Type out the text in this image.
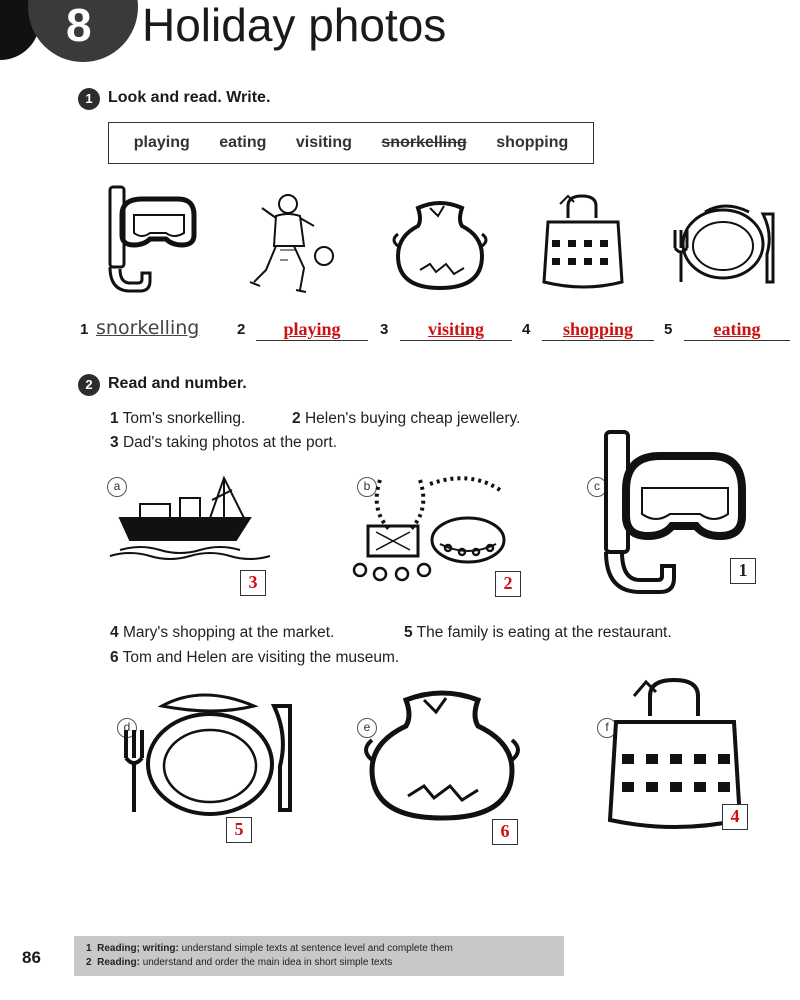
8 Holiday photos
1 Look and read. Write.
playing eating visiting snorkelling shopping
1 snorkelling	2	playing	3	visiting	4	shopping	5	eating
2 Read and number.
1 Tom's snorkelling.	2 Helen's buying cheap jewellery.
3 Dad's taking photos at the port.
a
3
b
2
c
1
4 Mary's shopping at the market.	5 The family is eating at the restaurant.
6 Tom and Helen are visiting the museum.
d
5
e
6
f
4
86	1 Reading; writing: understand simple texts at sentence level and complete them
2 Reading: understand and order the main idea in short simple texts
